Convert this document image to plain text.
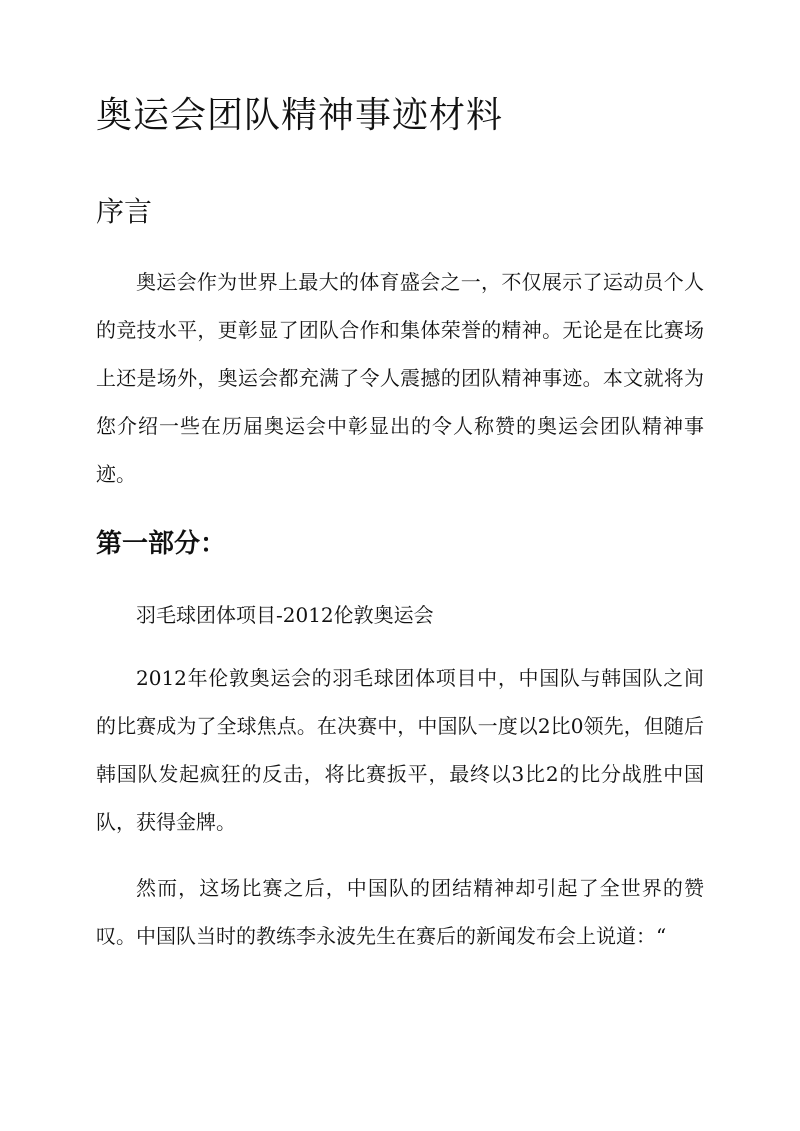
奥运会团队精神事迹材料
序言

奥运会作为世界上最大的体育盛会之一，不仅展示了运动员个人的竞技水平，更彰显了团队合作和集体荣誉的精神。无论是在比赛场上还是场外，奥运会都充满了令人震撼的团队精神事迹。本文就将为您介绍一些在历届奥运会中彰显出的令人称赞的奥运会团队精神事迹。

第一部分：

羽毛球团体项目-2012伦敦奥运会

2012年伦敦奥运会的羽毛球团体项目中，中国队与韩国队之间的比赛成为了全球焦点。在决赛中，中国队一度以2比0领先，但随后韩国队发起疯狂的反击，将比赛扳平，最终以3比2的比分战胜中国队，获得金牌。

然而，这场比赛之后，中国队的团结精神却引起了全世界的赞叹。中国队当时的教练李永波先生在赛后的新闻发布会上说道：“
